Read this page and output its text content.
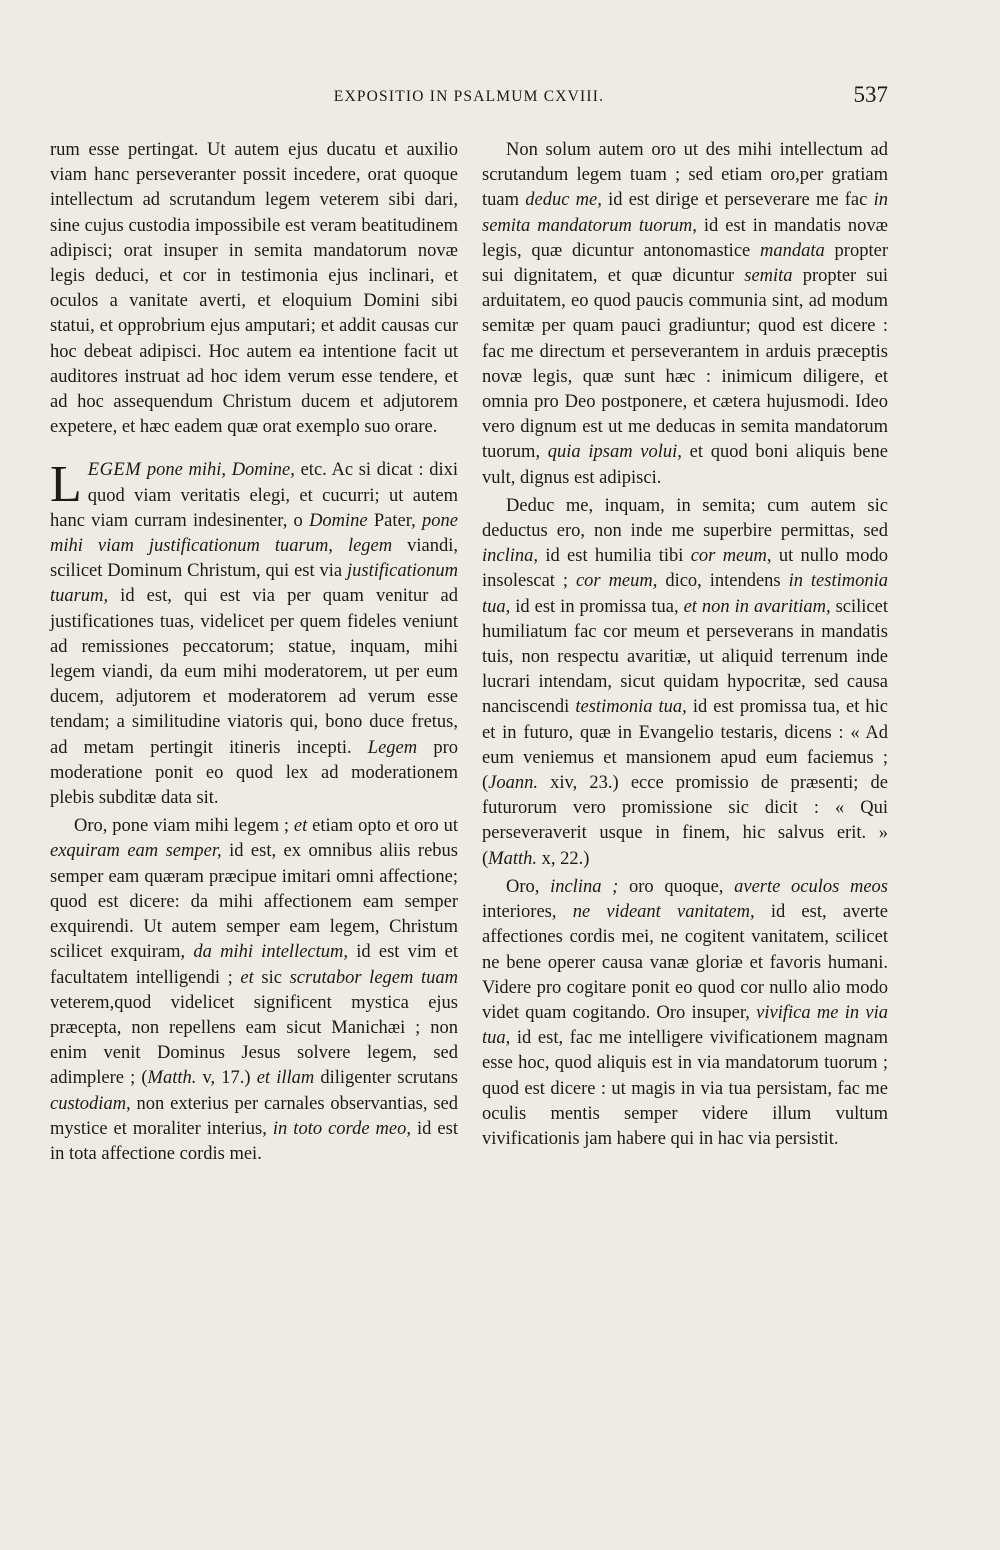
EXPOSITIO IN PSALMUM CXVIII.	537

rum esse pertingat. Ut autem ejus ducatu et auxilio viam hanc perseveranter possit incedere, orat quoque intellectum ad scrutandum legem veterem sibi dari, sine cujus custodia impossibile est veram beatitudinem adipisci; orat insuper in semita mandatorum novæ legis deduci, et cor in testimonia ejus inclinari, et oculos a vanitate averti, et eloquium Domini sibi statui, et opprobrium ejus amputari; et addit causas cur hoc debeat adipisci. Hoc autem ea intentione facit ut auditores instruat ad hoc idem verum esse tendere, et ad hoc assequendum Christum ducem et adjutorem expetere, et hæc eadem quæ orat exemplo suo orare.

LEGEM pone mihi, Domine, etc. Ac si dicat : dixi quod viam veritatis elegi, et cucurri; ut autem hanc viam curram indesinenter, o Domine Pater, pone mihi viam justificationum tuarum, legem viandi, scilicet Dominum Christum, qui est via justificationum tuarum, id est, qui est via per quam venitur ad justificationes tuas, videlicet per quem fideles veniunt ad remissiones peccatorum; statue, inquam, mihi legem viandi, da eum mihi moderatorem, ut per eum ducem, adjutorem et moderatorem ad verum esse tendam; a similitudine viatoris qui, bono duce fretus, ad metam pertingit itineris incepti. Legem pro moderatione ponit eo quod lex ad moderationem plebis subditæ data sit.

Oro, pone viam mihi legem ; et etiam opto et oro ut exquiram eam semper, id est, ex omnibus aliis rebus semper eam quæram præcipue imitari omni affectione; quod est dicere: da mihi affectionem eam semper exquirendi. Ut autem semper eam legem, Christum scilicet exquiram, da mihi intellectum, id est vim et facultatem intelligendi ; et sic scrutabor legem tuam veterem,quod videlicet significent mystica ejus præcepta, non repellens eam sicut Manichæi ; non enim venit Dominus Jesus solvere legem, sed adimplere ; (Matth. v, 17.) et illam diligenter scrutans custodiam, non exterius per carnales observantias, sed mystice et moraliter interius, in toto corde meo, id est in tota affectione cordis mei.

Non solum autem oro ut des mihi intellectum ad scrutandum legem tuam ; sed etiam oro,per gratiam tuam deduc me, id est dirige et perseverare me fac in semita mandatorum tuorum, id est in mandatis novæ legis, quæ dicuntur antonomastice mandata propter sui dignitatem, et quæ dicuntur semita propter sui arduitatem, eo quod paucis communia sint, ad modum semitæ per quam pauci gradiuntur; quod est dicere : fac me directum et perseverantem in arduis præceptis novæ legis, quæ sunt hæc : inimicum diligere, et omnia pro Deo postponere, et cætera hujusmodi. Ideo vero dignum est ut me deducas in semita mandatorum tuorum, quia ipsam volui, et quod boni aliquis bene vult, dignus est adipisci.

Deduc me, inquam, in semita; cum autem sic deductus ero, non inde me superbire permittas, sed inclina, id est humilia tibi cor meum, ut nullo modo insolescat ; cor meum, dico, intendens in testimonia tua, id est in promissa tua, et non in avaritiam, scilicet humiliatum fac cor meum et perseverans in mandatis tuis, non respectu avaritiæ, ut aliquid terrenum inde lucrari intendam, sicut quidam hypocritæ, sed causa nanciscendi testimonia tua, id est promissa tua, et hic et in futuro, quæ in Evangelio testaris, dicens : « Ad eum veniemus et mansionem apud eum faciemus ; (Joann. xiv, 23.) ecce promissio de præsenti; de futurorum vero promissione sic dicit : « Qui perseveraverit usque in finem, hic salvus erit. » (Matth. x, 22.)

Oro, inclina ; oro quoque, averte oculos meos interiores, ne videant vanitatem, id est, averte affectiones cordis mei, ne cogitent vanitatem, scilicet ne bene operer causa vanæ gloriæ et favoris humani. Videre pro cogitare ponit eo quod cor nullo alio modo videt quam cogitando. Oro insuper, vivifica me in via tua, id est, fac me intelligere vivificationem magnam esse hoc, quod aliquis est in via mandatorum tuorum ; quod est dicere : ut magis in via tua persistam, fac me oculis mentis semper videre illum vultum vivificationis jam habere qui in hac via persistit.
